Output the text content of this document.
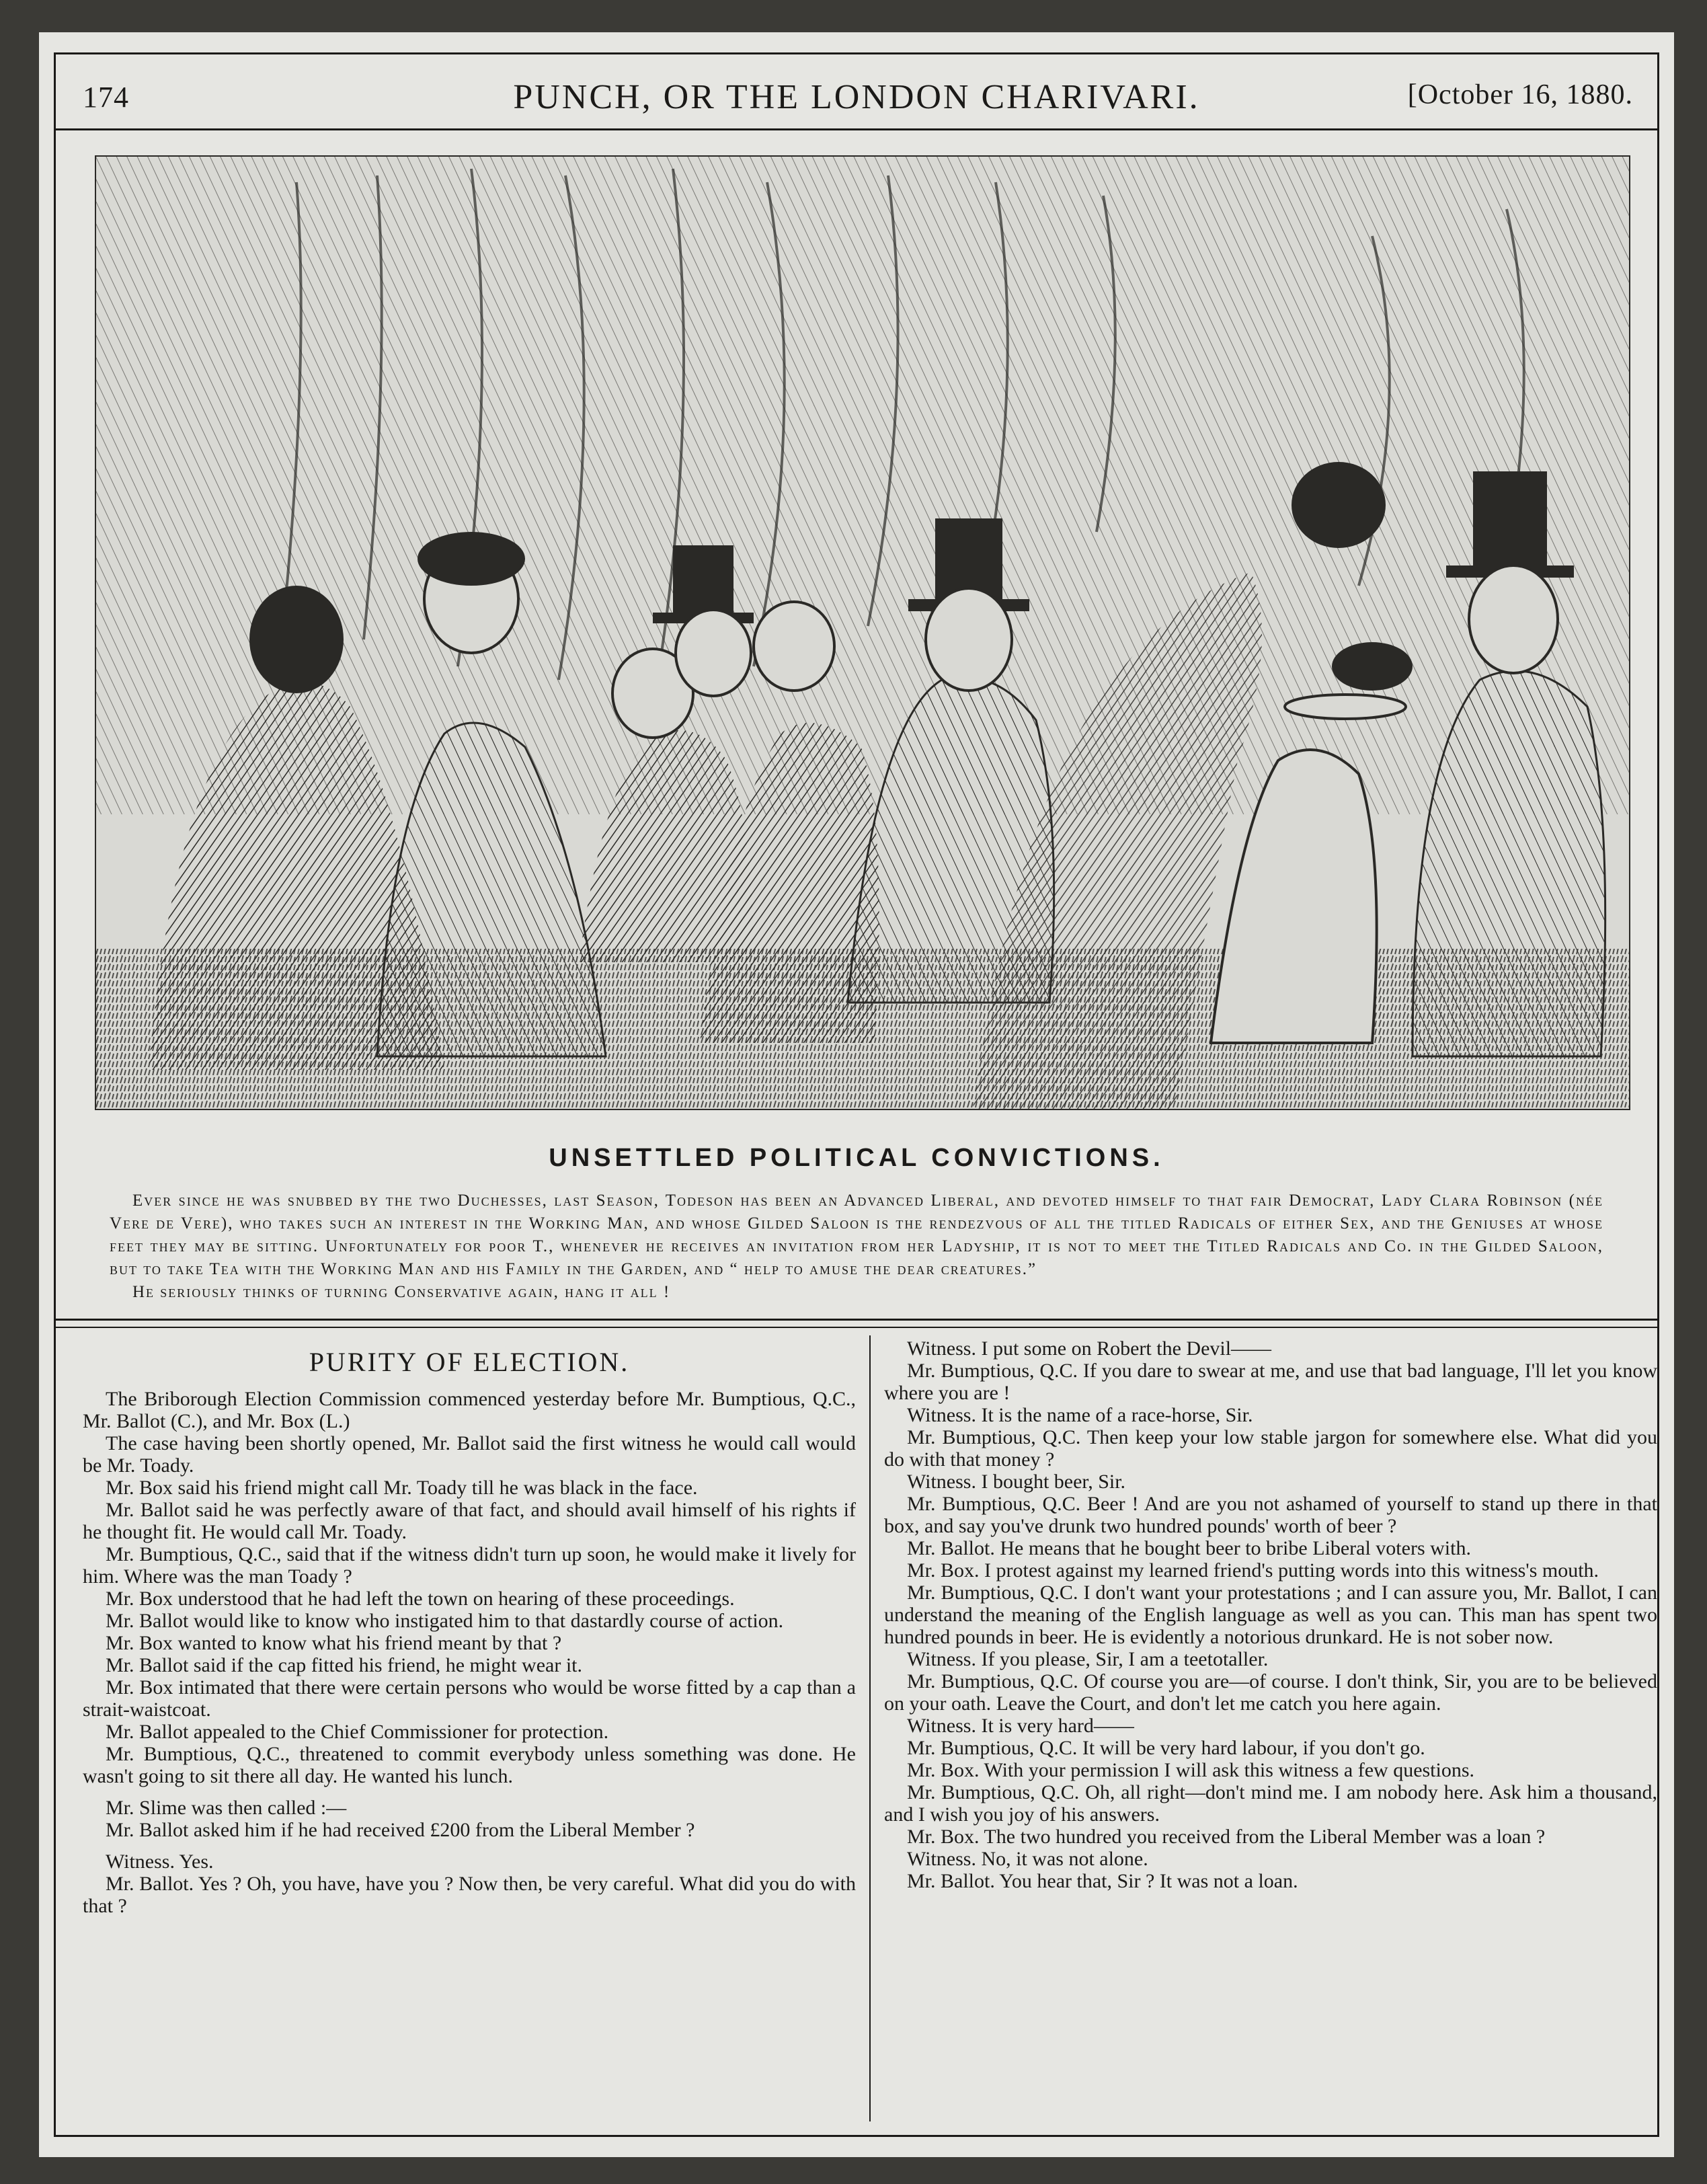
174	PUNCH, OR THE LONDON CHARIVARI.	[October 16, 1880.
UNSETTLED POLITICAL CONVICTIONS.

Ever since he was snubbed by the two Duchesses, last Season, Todeson has been an Advanced Liberal, and devoted himself to that fair Democrat, Lady Clara Robinson (née Vere de Vere), who takes such an interest in the Working Man, and whose Gilded Saloon is the rendezvous of all the titled Radicals of either Sex, and the Geniuses at whose feet they may be sitting. Unfortunately for poor T., whenever he receives an invitation from her Ladyship, it is not to meet the Titled Radicals and Co. in the Gilded Saloon, but to take Tea with the Working Man and his Family in the Garden, and “ help to amuse the dear creatures.”

He seriously thinks of turning Conservative again, hang it all !

PURITY OF ELECTION.

The Briborough Election Commission commenced yesterday before Mr. Bumptious, Q.C., Mr. Ballot (C.), and Mr. Box (L.)

The case having been shortly opened, Mr. Ballot said the first witness he would call would be Mr. Toady.

Mr. Box said his friend might call Mr. Toady till he was black in the face.

Mr. Ballot said he was perfectly aware of that fact, and should avail himself of his rights if he thought fit. He would call Mr. Toady.

Mr. Bumptious, Q.C., said that if the witness didn't turn up soon, he would make it lively for him. Where was the man Toady ?

Mr. Box understood that he had left the town on hearing of these proceedings.

Mr. Ballot would like to know who instigated him to that dastardly course of action.

Mr. Box wanted to know what his friend meant by that ?

Mr. Ballot said if the cap fitted his friend, he might wear it.

Mr. Box intimated that there were certain persons who would be worse fitted by a cap than a strait-waistcoat.

Mr. Ballot appealed to the Chief Commissioner for protection.

Mr. Bumptious, Q.C., threatened to commit everybody unless something was done. He wasn't going to sit there all day. He wanted his lunch.

Mr. Slime was then called :—

Mr. Ballot asked him if he had received £200 from the Liberal Member ?

Witness. Yes.

Mr. Ballot. Yes ? Oh, you have, have you ? Now then, be very careful. What did you do with that ?

Witness. I put some on Robert the Devil——

Mr. Bumptious, Q.C. If you dare to swear at me, and use that bad language, I'll let you know where you are !

Witness. It is the name of a race-horse, Sir.

Mr. Bumptious, Q.C. Then keep your low stable jargon for somewhere else. What did you do with that money ?

Witness. I bought beer, Sir.

Mr. Bumptious, Q.C. Beer ! And are you not ashamed of yourself to stand up there in that box, and say you've drunk two hundred pounds' worth of beer ?

Mr. Ballot. He means that he bought beer to bribe Liberal voters with.

Mr. Box. I protest against my learned friend's putting words into this witness's mouth.

Mr. Bumptious, Q.C. I don't want your protestations ; and I can assure you, Mr. Ballot, I can understand the meaning of the English language as well as you can. This man has spent two hundred pounds in beer. He is evidently a notorious drunkard. He is not sober now.

Witness. If you please, Sir, I am a teetotaller.

Mr. Bumptious, Q.C. Of course you are—of course. I don't think, Sir, you are to be believed on your oath. Leave the Court, and don't let me catch you here again.

Witness. It is very hard——

Mr. Bumptious, Q.C. It will be very hard labour, if you don't go.

Mr. Box. With your permission I will ask this witness a few questions.

Mr. Bumptious, Q.C. Oh, all right—don't mind me. I am nobody here. Ask him a thousand, and I wish you joy of his answers.

Mr. Box. The two hundred you received from the Liberal Member was a loan ?

Witness. No, it was not alone.

Mr. Ballot. You hear that, Sir ? It was not a loan.
